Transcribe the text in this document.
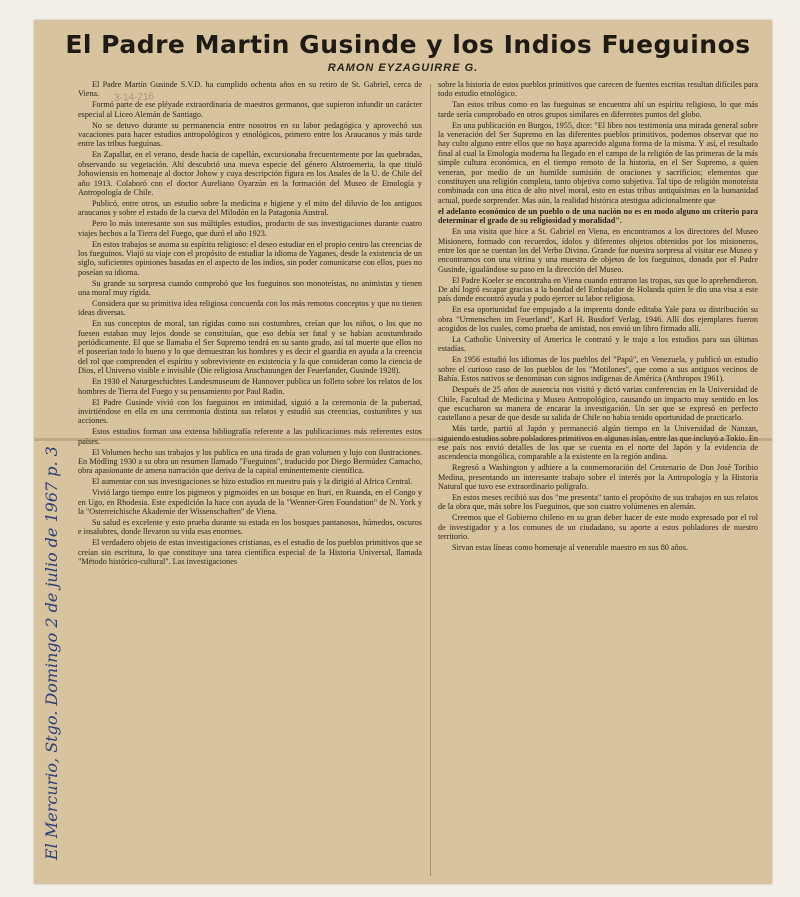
El Padre Martin Gusinde y los Indios Fueguinos
RAMON EYZAGUIRRE G.
3-14-216

El Padre Martín Gusinde S.V.D. ha cumplido ochenta años en su retiro de St. Gabriel, cerca de Viena.

Formó parte de ese pléyade extraordinaria de maestros germanos, que supieron infundir un carácter especial al Liceo Alemán de Santiago.

No se detuvo durante su permanencia entre nosotros en su labor pedagógica y aprovechó sus vacaciones para hacer estudios antropológicos y etnológicos, primero entre los Araucanos y más tarde entre las tribus fueguinas.

En Zapallar, en el verano, desde hacia de capellán, excursionaba frecuentemente por las quebradas, observando su vegetación. Ahí descubrió una nueva especie del género Alstroemeria, la que tituló Johowiensis en homenaje al doctor Johow y cuya descripción figura en los Anales de la U. de Chile del año 1913. Colaboró con el doctor Aureliano Oyarzún en la formación del Museo de Etnología y Antropología de Chile.

Publicó, entre otros, un estudio sobre la medicina e higiene y el mito del diluvio de los antiguos araucanos y sobre el estado de la cueva del Milodón en la Patagonia Austral.

Pero lo más interesante son sus múltiples estudios, producto de sus investigaciones durante cuatro viajes hechos a la Tierra del Fuego, que duró el año 1923.

En estos trabajos se asoma su espíritu religioso: el deseo estudiar en el propio centro las creencias de los fueguinos. Viajó su viaje con el propósito de estudiar la idioma de Yaganes, desde la existencia de un siglo, suficientes opiniones basadas en el aspecto de los indios, sin poder comunicarse con ellos, pues no poseían su idioma.

Su grande su sorpresa cuando comprobó que los fueguinos son monoteístas, no animistas y tienen una moral muy rígida.

Considera que su primitiva idea religiosa concuerda con los más remotos conceptos y que no tienen ideas diversas.

En sus conceptos de moral, tan rígidas como sus costumbres, creían que los niños, o los que no fuesen estaban muy lejos donde se constituían, que eso debía ser fatal y se habían acostumbrado periódicamente. El que se llamaba el Ser Supremo tendrá en su santo grado, así tal muerte que ellos no el poseerían todo lo bueno y lo que demuestran los hombres y es decir el guardia en ayuda a la creencia del rol que comprenden el espíritu y sobreviviente en existencia y la que consideran como la ciencia de Dios, el Universo visible e invisible (Die religiosa Anschauungen der Feuerlander, Gusinde 1928).

En 1930 el Naturgeschichtes Landesmuseum de Hannover publica un folleto sobre los relatos de los hombres de Tierra del Fuego y su pensamiento por Paul Radin.

El Padre Gusinde vivió con los fueguinos en intimidad, siguió a la ceremonia de la pubertad, invirtiéndose en ella en una ceremonia distinta sus relatos y estudió sus creencias, costumbres y sus acciones.

Estos estudios forman una extensa bibliografía referente a las publicaciones más referentes estos países.

El Volumen hecho sus trabajos y los publica en una tirada de gran volumen y lujo con ilustraciones. En Mödling 1930 a su obra un resumen llamado "Fueguinos", traducido por Diego Bermúdez Camacho, obra apasionante de amena narración que deriva de la capital eminentemente científica.

El aumentar con sus investigaciones se hizo estudios en nuestro país y la dirigió al Africa Central.

Vivió largo tiempo entre los pigmeos y pigmoides en un bosque en Ituri, en Ruanda, en el Congo y en Ugo, en Rhodesia. Este expedición la hace con ayuda de la "Wenner-Gren Foundation" de N. York y la "Osterreichische Akademie der Wissenschaften" de Viena.

Su salud es excelente y esto prueba durante su estada en los bosques pantanosos, húmedos, oscuros e insalubres, donde llevaron su vida esas enormes.

El verdadero objeto de estas investigaciones cristianas, es el estudio de los pueblos primitivos que se creían sin escritura, lo que constituye una tarea científica especial de la Historia Universal, llamada "Método histórico-cultural". Las investigaciones

sobre la historia de estos pueblos primitivos que carecen de fuentes escritas resultan difíciles para todo estudio etnológico.

Tan estos tribus como en las fueguinas se encuentra ahí un espíritu religioso, lo que más tarde sería comprobado en otros grupos similares en diferentes puntos del globo.

En una publicación en Burgos, 1955, dice: "El libro nos testimonia una mirada general sobre la veneración del Ser Supremo en las diferentes pueblos primitivos, podemos observar que no hay culto alguno entre ellos que no haya aparecido alguna forma de la misma. Y así, el resultado final al cual la Etnología moderna ha llegado en el campo de la religión de las primeras de la más simple cultura económica, en el tiempo remoto de la historia, en el Ser Supremo, a quien veneran, por medio de un humilde sumisión de oraciones y sacrificios; elementos que constituyen una religión completa, tanto objetiva como subjetiva. Tal tipo de religión monoteísta combinada con una ética de alto nivel moral, esto en estas tribus antiquísimas en la humanidad actual, puede sorprender. Mas aún, la realidad histórica atestigua adicionalmente que

el adelanto económico de un pueblo o de una nación no es en modo alguno un criterio para determinar el grado de su religiosidad y moralidad".

En una visita que hice a St. Gabriel en Viena, en encontramos a los directores del Museo Misionero, formado con recuerdos, ídolos y diferentes objetos obtenidos por los misioneros, entre los que se cuentan los del Verbo Divino. Grande fue nuestra sorpresa al visitar ese Museo y encontrarnos con una vitrina y una muestra de objetos de los fueguinos, donada por el Padre Gusinde, igualándose su paso en la dirección del Museo.

El Padre Koeler se encontraba en Viena cuando entraron las tropas, sus que lo aprehendieron. De ahí logró escapar gracias a la bondad del Embajador de Holanda quien le dio una visa a este país donde encontró ayuda y pudo ejercer su labor religiosa.

En esa oportunidad fue empujado a la imprenta donde editaba Yale para su distribución su obra "Urmenschen im Feuerland", Karl H. Busdorf Verlag, 1946. Allí dos ejemplares fueron acogidos de los cuales, como prueba de amistad, nos envió un libro firmado allí.

La Catholic University of America le contrató y le trajo a los estudios para sus últimas estadías.

En 1956 estudió los idiomas de los pueblos del "Papú", en Venezuela, y publicó un estudio sobre el curioso caso de los pueblos de los "Motilones", que como a sus antiguos vecinos de Bahía. Estos nativos se denominan con signos indígenas de América (Anthropos 1961).

Después de 25 años de ausencia nos visitó y dictó varias conferencias en la Universidad de Chile, Facultad de Medicina y Museo Antropológico, causando un impacto muy sentido en los que escucharon su manera de encarar la investigación. Un ser que se expresó en perfecto castellano a pesar de que desde su salida de Chile no había tenido oportunidad de practicarlo.

Más tarde, partió al Japón y permaneció algún tiempo en la Universidad de Nanzan, siguiendo estudios sobre pobladores primitivos en algunas islas, entre las que incluyó a Tokio. En ese país nos envió detalles de los que se cuenta en el norte del Japón y la evidencia de ascendencia mongólica, comparable a la existente en la región andina.

Regresó a Washington y adhiere a la conmemoración del Centenario de Don José Toribio Medina, presentando un interesante trabajo sobre el interés por la Antropología y la Historia Natural que tuvo ese extraordinario polígrafo.

En estos meses recibió sus dos "me presenta" tanto el propósito de sus trabajos en sus relatos de la obra que, más sobre los Fueguinos, que son cuatro volúmenes en alemán.

Creemos que el Gobierno chileno en su gran deber hacer de este modo expresado por el rol de investigador y a los comunes de un ciudadano, su aporte a estos pobladores de nuestro territorio.

Sirvan estas líneas como homenaje al venerable maestro en sus 80 años.

El Mercurio, Stgo. Domingo 2 de julio de 1967 p. 3
